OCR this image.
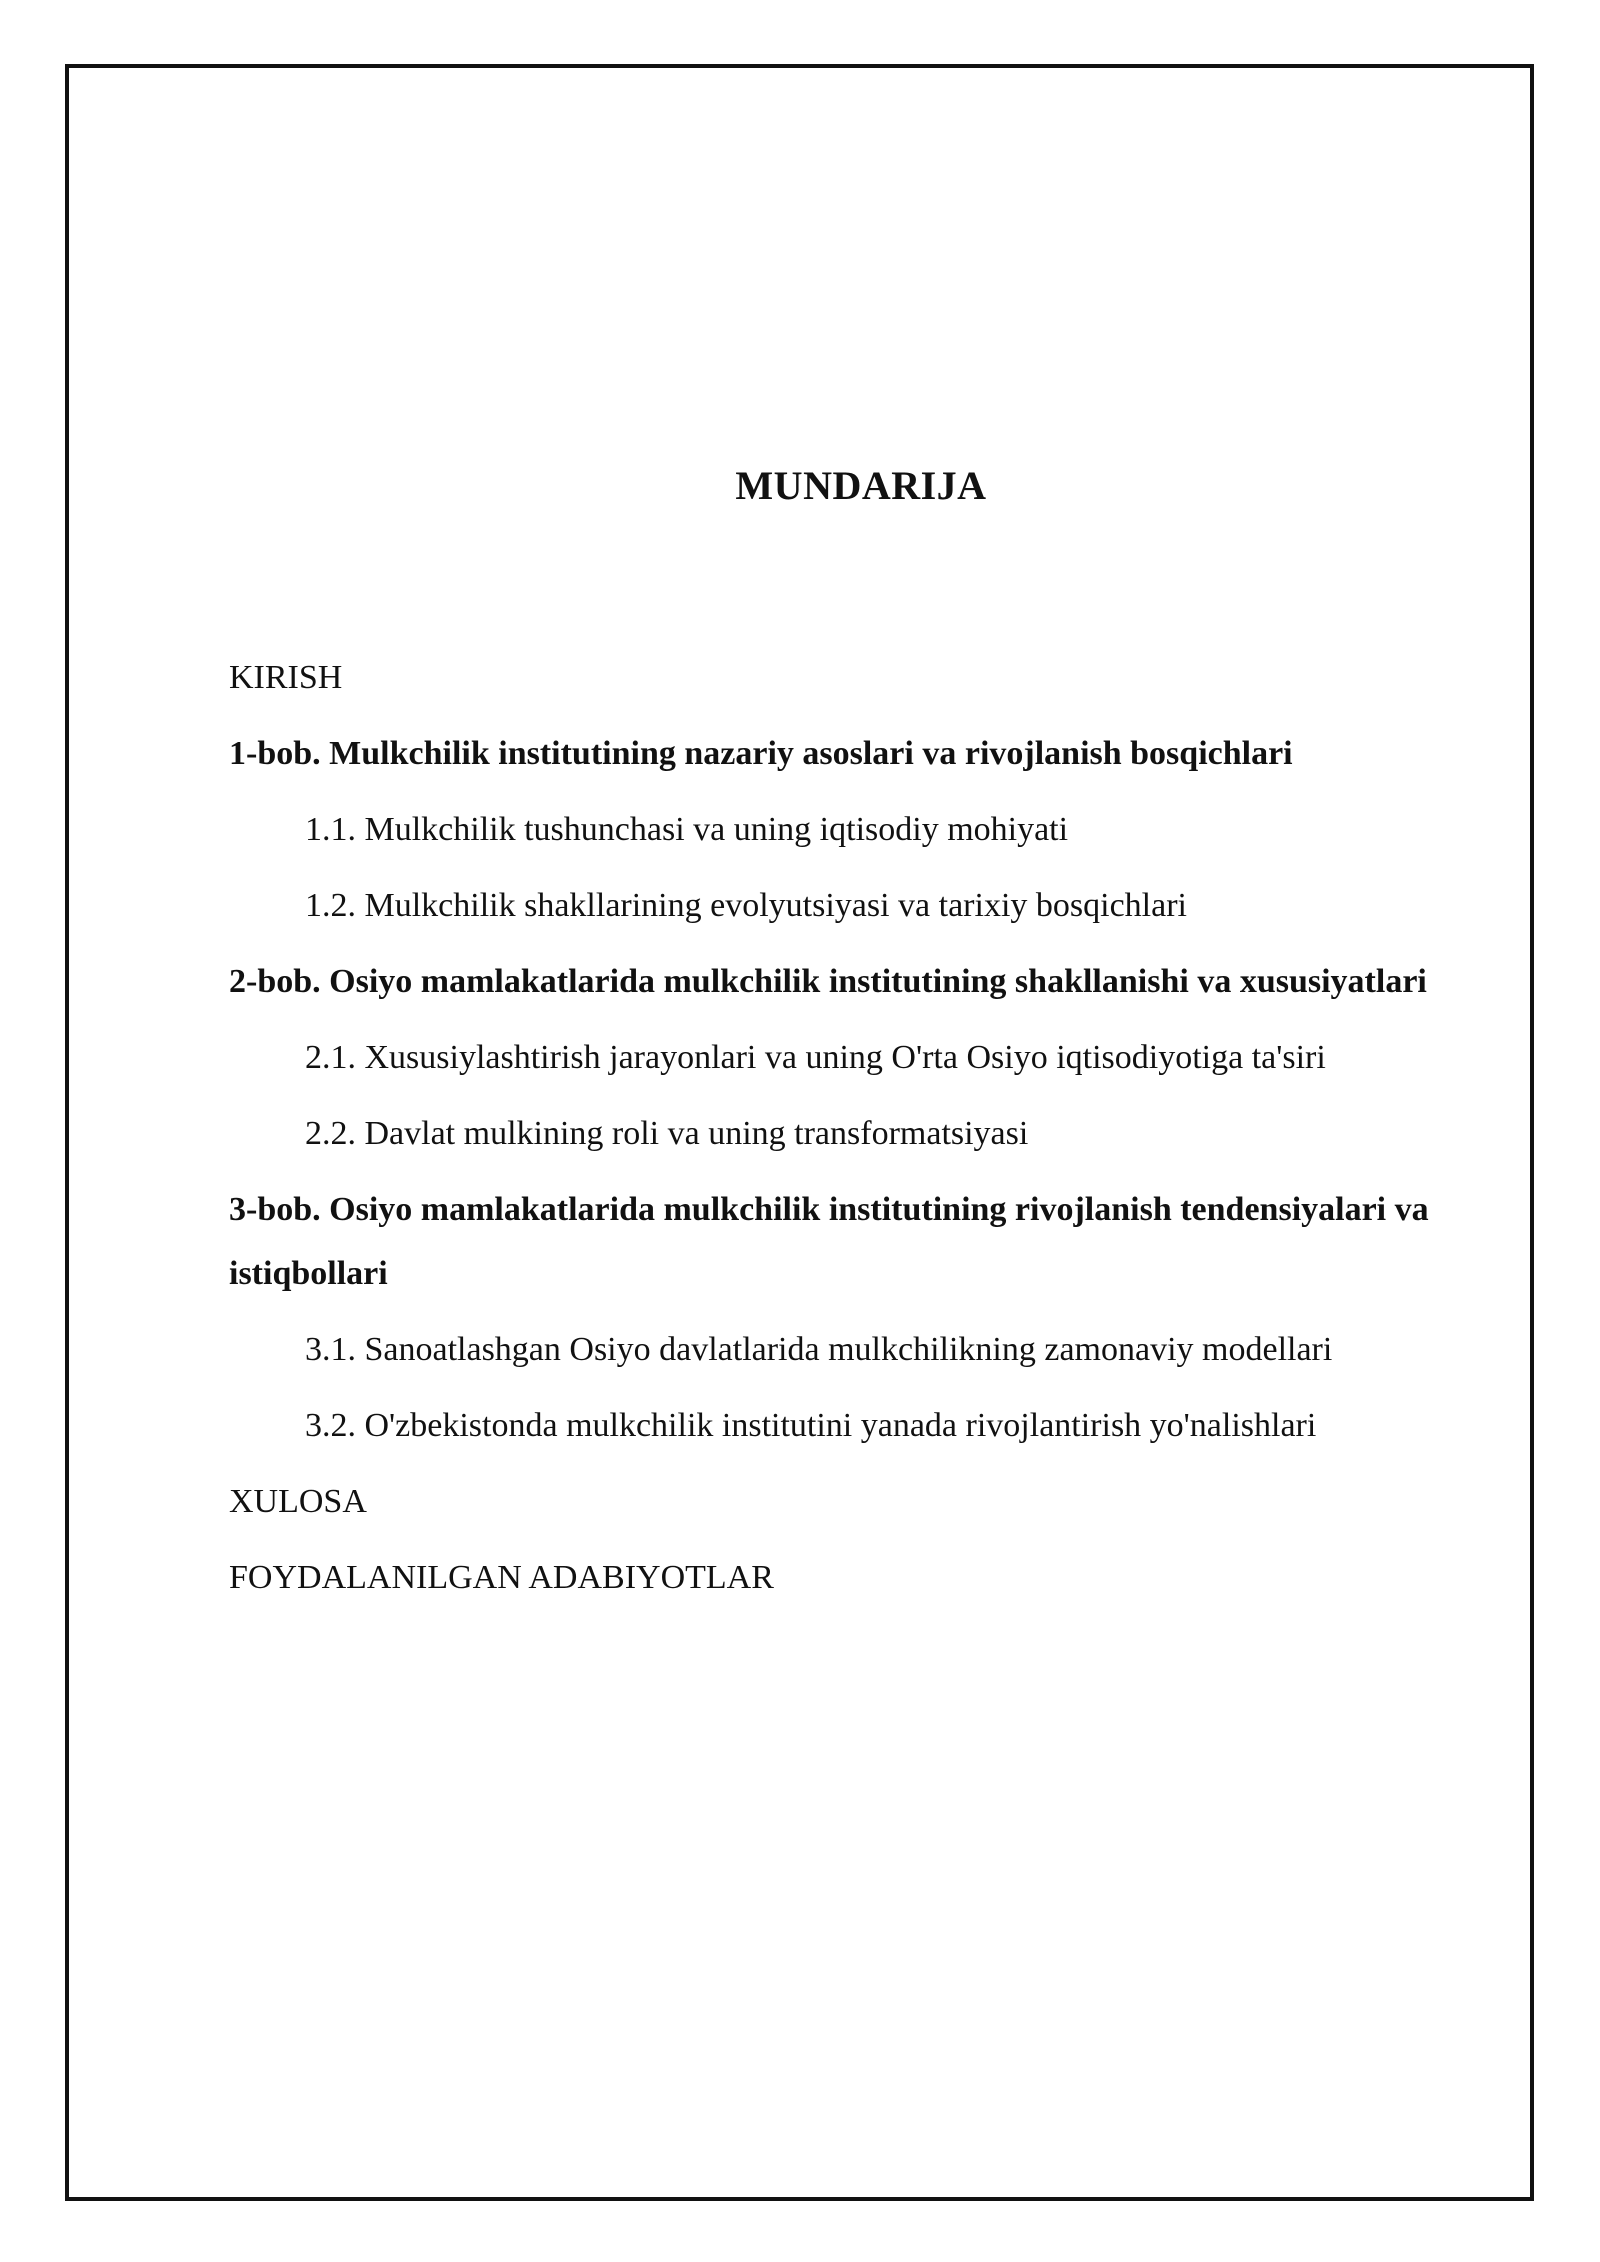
MUNDARIJA
KIRISH
1-bob. Mulkchilik institutining nazariy asoslari va rivojlanish bosqichlari
1.1. Mulkchilik tushunchasi va uning iqtisodiy mohiyati
1.2. Mulkchilik shakllarining evolyutsiyasi va tarixiy bosqichlari
2-bob. Osiyo mamlakatlarida mulkchilik institutining shakllanishi va xususiyatlari
2.1. Xususiylashtirish jarayonlari va uning O'rta Osiyo iqtisodiyotiga ta'siri
2.2. Davlat mulkining roli va uning transformatsiyasi
3-bob. Osiyo mamlakatlarida mulkchilik institutining rivojlanish tendensiyalari va istiqbollari
3.1. Sanoatlashgan Osiyo davlatlarida mulkchilikning zamonaviy modellari
3.2. O'zbekistonda mulkchilik institutini yanada rivojlantirish yo'nalishlari
XULOSA
FOYDALANILGAN ADABIYOTLAR
